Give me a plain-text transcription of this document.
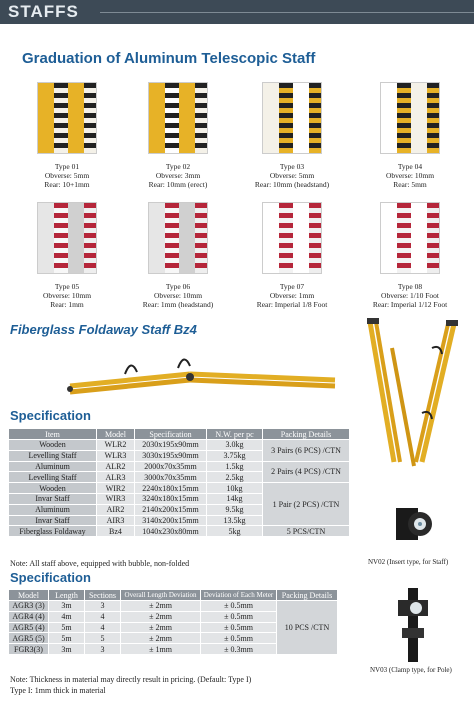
STAFFS
Graduation of Aluminum Telescopic Staff
Type 01
Obverse: 5mm
Rear: 10+1mm
Type 02
Obverse: 3mm
Rear: 10mm (erect)
Type 03
Obverse: 5mm
Rear: 10mm (headstand)
Type 04
Obverse: 10mm
Rear: 5mm
Type 05
Obverse: 10mm
Rear: 1mm
Type 06
Obverse: 10mm
Rear: 1mm (headstand)
Type 07
Obverse: 1mm
Rear: Imperial 1/8 Foot
Type 08
Obverse: 1/10 Foot
Rear: Imperial 1/12 Foot
Fiberglass Foldaway Staff Bz4
Specification
Item	Model	Specification	N.W. per pc	Packing Details
Wooden	WLR2	2030x195x90mm	3.0kg	3 Pairs (6 PCS) /CTN
Levelling Staff	WLR3	3030x195x90mm	3.75kg	
Aluminum	ALR2	2000x70x35mm	1.5kg	2 Pairs (4 PCS) /CTN
Levelling Staff	ALR3	3000x70x35mm	2.5kg	
Wooden	WIR2	2240x180x15mm	10kg	1 Pair (2 PCS) /CTN
Invar Staff	WIR3	3240x180x15mm	14kg	
Aluminum	AIR2	2140x200x15mm	9.5kg	
Invar Staff	AIR3	3140x200x15mm	13.5kg	
Fiberglass Foldaway	Bz4	1040x230x80mm	5kg	5 PCS/CTN
Note: All staff above, equipped with bubble, non-folded
Specification
Model	Length	Sections	Overall Length Deviation	Deviation of Each Meter	Packing Details
AGR3 (3)	3m	3	± 2mm	± 0.5mm	10 PCS /CTN
AGR4 (4)	4m	4	± 2mm	± 0.5mm	
AGR5 (4)	5m	4	± 2mm	± 0.5mm	
AGR5 (5)	5m	5	± 2mm	± 0.5mm	
FGR3(3)	3m	3	± 1mm	± 0.3mm	
Note: Thickness in material may directly result in pricing. (Default: Type I)
Type I: 1mm thick in material
NV02 (Insert type, for Staff)
NV03 (Clamp type, for Pole)
